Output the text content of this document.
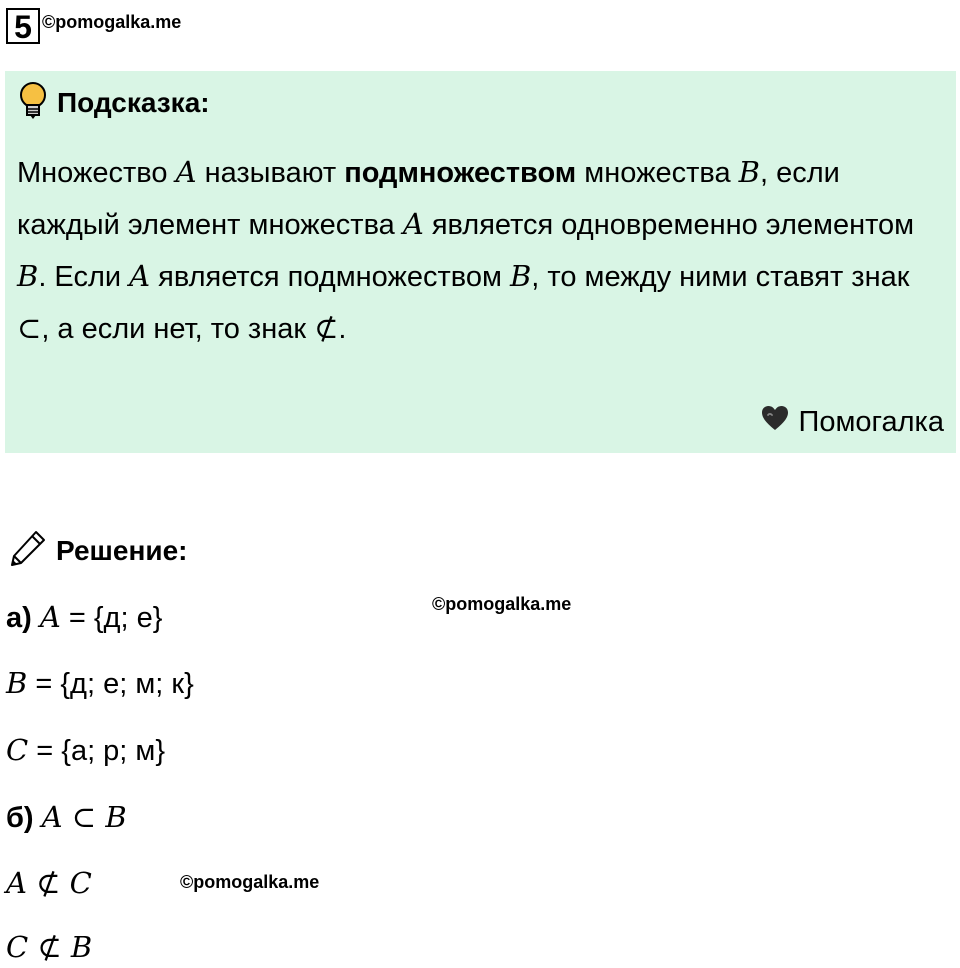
5 ©pomogalka.me
Подсказка:
Множество A называют подмножеством множества B, если каждый элемент множества A является одновременно элементом B. Если A является подмножеством B, то между ними ставят знак ⊂, а если нет, то знак ⊄.
Помогалка
Решение:
©pomogalka.me
а) A = {д; е}
B = {д; е; м; к}
C = {а; р; м}
б) A ⊂ B
A ⊄ C
C ⊄ B
©pomogalka.me
